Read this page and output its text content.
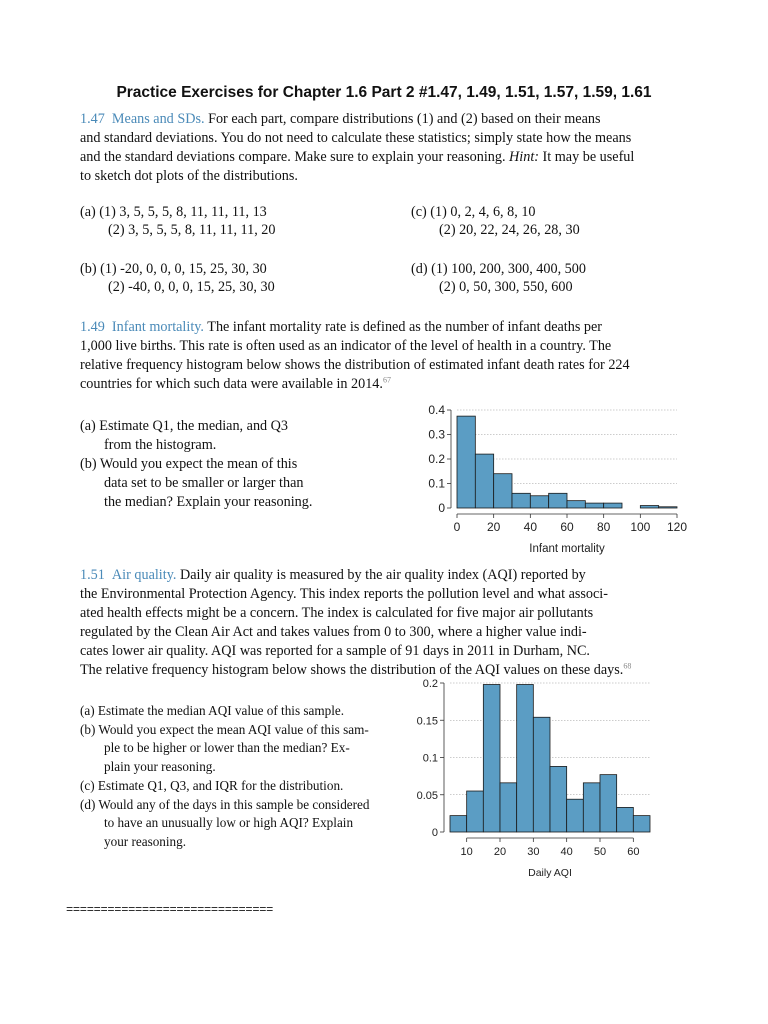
Practice Exercises for Chapter 1.6 Part 2 #1.47, 1.49, 1.51, 1.57, 1.59, 1.61
1.47 Means and SDs. For each part, compare distributions (1) and (2) based on their means
and standard deviations. You do not need to calculate these statistics; simply state how the means
and the standard deviations compare. Make sure to explain your reasoning. Hint: It may be useful
to sketch dot plots of the distributions.
(a) (1) 3, 5, 5, 5, 8, 11, 11, 11, 13
(2) 3, 5, 5, 5, 8, 11, 11, 11, 20
(b) (1) -20, 0, 0, 0, 15, 25, 30, 30
(2) -40, 0, 0, 0, 15, 25, 30, 30
(c) (1) 0, 2, 4, 6, 8, 10
(2) 20, 22, 24, 26, 28, 30
(d) (1) 100, 200, 300, 400, 500
(2) 0, 50, 300, 550, 600
1.49 Infant mortality. The infant mortality rate is defined as the number of infant deaths per
1,000 live births. This rate is often used as an indicator of the level of health in a country. The
relative frequency histogram below shows the distribution of estimated infant death rates for 224
countries for which such data were available in 2014.67
(a) Estimate Q1, the median, and Q3
from the histogram.
(b) Would you expect the mean of this
data set to be smaller or larger than
the median? Explain your reasoning.	0
0.1
0.2
0.3
0.4
0 20 40 60 80 100 120
Infant mortality
1.51 Air quality. Daily air quality is measured by the air quality index (AQI) reported by
the Environmental Protection Agency. This index reports the pollution level and what associ-
ated health effects might be a concern. The index is calculated for five major air pollutants
regulated by the Clean Air Act and takes values from 0 to 300, where a higher value indi-
cates lower air quality. AQI was reported for a sample of 91 days in 2011 in Durham, NC.
The relative frequency histogram below shows the distribution of the AQI values on these days.$^{68}$
(a) Estimate the median AQI value of this sample.
(b) Would you expect the mean AQI value of this sam-
ple to be higher or lower than the median? Ex-
plain your reasoning.
(c) Estimate Q1, Q3, and IQR for the distribution.
(d) Would any of the days in this sample be considered
to have an unusually low or high AQI? Explain
your reasoning.
0
0.05
0.1
0.15
0.2
10 20 30 40 50 60
Daily AQI
==============================
